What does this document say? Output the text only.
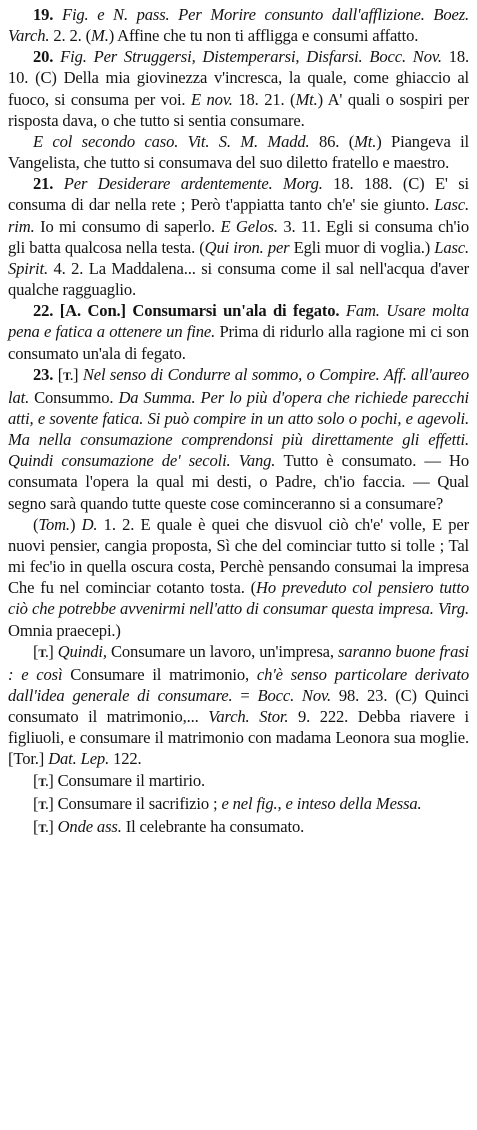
19. Fig. e N. pass. Per Morire consunto dall'afflizione. Boez. Varch. 2. 2. (M.) Affine che tu non ti affligga e consumi affatto.

20. Fig. Per Struggersi, Distemperarsi, Disfarsi. Bocc. Nov. 18. 10. (C) Della mia giovinezza v'incresca, la quale, come ghiaccio al fuoco, si consuma per voi. E nov. 18. 21. (Mt.) A' quali o sospiri per risposta dava, o che tutto si sentia consumare.

E col secondo caso. Vit. S. M. Madd. 86. (Mt.) Piangeva il Vangelista, che tutto si consumava del suo diletto fratello e maestro.

21. Per Desiderare ardentemente. Morg. 18. 188. (C) E' si consuma di dar nella rete ; Però t'appiatta tanto ch'e' sie giunto. Lasc. rim. Io mi consumo di saperlo. E Gelos. 3. 11. Egli si consuma ch'io gli batta qualcosa nella testa. (Qui iron. per Egli muor di voglia.) Lasc. Spirit. 4. 2. La Maddalena... si consuma come il sal nell'acqua d'aver qualche ragguaglio.

22. [A. Con.] Consumarsi un'ala di fegato. Fam. Usare molta pena e fatica a ottenere un fine. Prima di ridurlo alla ragione mi ci son consumato un'ala di fegato.

23. [T.] Nel senso di Condurre al sommo, o Compire. Aff. all'aureo lat. Consummo. Da Summa. Per lo più d'opera che richiede parecchi atti, e sovente fatica. Si può compire in un atto solo o pochi, e agevoli. Ma nella consumazione comprendonsi più direttamente gli effetti. Quindi consumazione de' secoli. Vang. Tutto è consumato. — Ho consumata l'opera la qual mi desti, o Padre, ch'io faccia. — Qual segno sarà quando tutte queste cose cominceranno si a consumare?

(Tom.) D. 1. 2. E quale è quei che disvuol ciò ch'e' volle, E per nuovi pensier, cangia proposta, Sì che del cominciar tutto si tolle ; Tal mi fec'io in quella oscura costa, Perchè pensando consumai la impresa Che fu nel cominciar cotanto tosta. (Ho preveduto col pensiero tutto ciò che potrebbe avvenirmi nell'atto di consumar questa impresa. Virg. Omnia praecepi.)

[T.] Quindi, Consumare un lavoro, un'impresa, saranno buone frasi : e così Consumare il matrimonio, ch'è senso particolare derivato dall'idea generale di consumare. = Bocc. Nov. 98. 23. (C) Quinci consumato il matrimonio,... Varch. Stor. 9. 222. Debba riavere i figliuoli, e consumare il matrimonio con madama Leonora sua moglie. [Tor.] Dat. Lep. 122.

[T.] Consumare il martirio.

[T.] Consumare il sacrifizio ; e nel fig., e inteso della Messa.

[T.] Onde ass. Il celebrante ha consumato.
